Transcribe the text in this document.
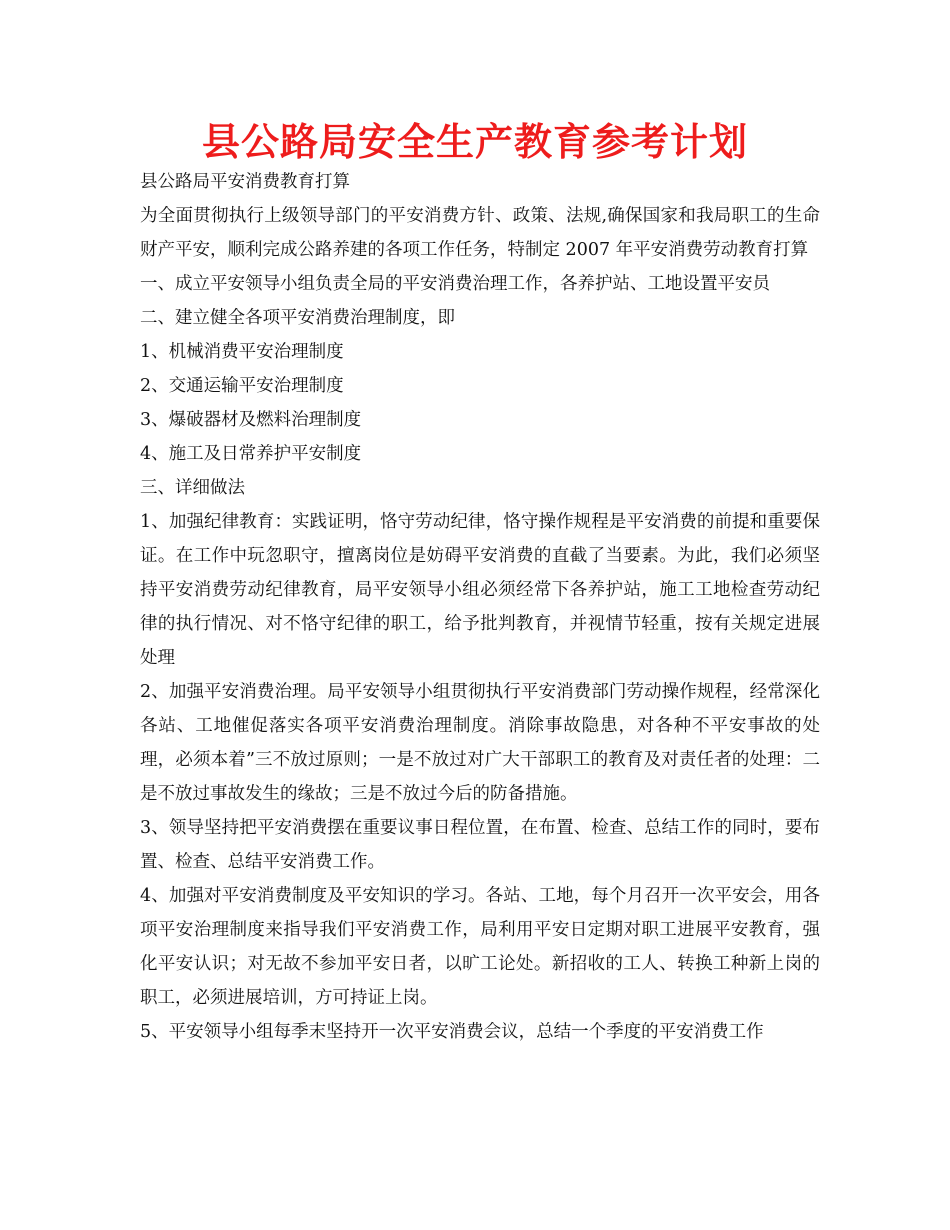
县公路局安全生产教育参考计划

县公路局平安消费教育打算

为全面贯彻执行上级领导部门的平安消费方针、政策、法规,确保国家和我局职工的生命财产平安，顺利完成公路养建的各项工作任务，特制定 2007 年平安消费劳动教育打算

一、成立平安领导小组负责全局的平安消费治理工作，各养护站、工地设置平安员

二、建立健全各项平安消费治理制度，即

1、机械消费平安治理制度

2、交通运输平安治理制度

3、爆破器材及燃料治理制度

4、施工及日常养护平安制度

三、详细做法

1、加强纪律教育：实践证明，恪守劳动纪律，恪守操作规程是平安消费的前提和重要保证。在工作中玩忽职守，擅离岗位是妨碍平安消费的直截了当要素。为此，我们必须坚持平安消费劳动纪律教育，局平安领导小组必须经常下各养护站，施工工地检查劳动纪律的执行情况、对不恪守纪律的职工，给予批判教育，并视情节轻重，按有关规定进展处理

2、加强平安消费治理。局平安领导小组贯彻执行平安消费部门劳动操作规程，经常深化各站、工地催促落实各项平安消费治理制度。消除事故隐患，对各种不平安事故的处理，必须本着”三不放过原则；一是不放过对广大干部职工的教育及对责任者的处理：二是不放过事故发生的缘故；三是不放过今后的防备措施。

3、领导坚持把平安消费摆在重要议事日程位置，在布置、检查、总结工作的同时，要布置、检查、总结平安消费工作。

4、加强对平安消费制度及平安知识的学习。各站、工地，每个月召开一次平安会，用各项平安治理制度来指导我们平安消费工作，局利用平安日定期对职工进展平安教育，强化平安认识；对无故不参加平安日者，以旷工论处。新招收的工人、转换工种新上岗的职工，必须进展培训，方可持证上岗。

5、平安领导小组每季末坚持开一次平安消费会议，总结一个季度的平安消费工作
